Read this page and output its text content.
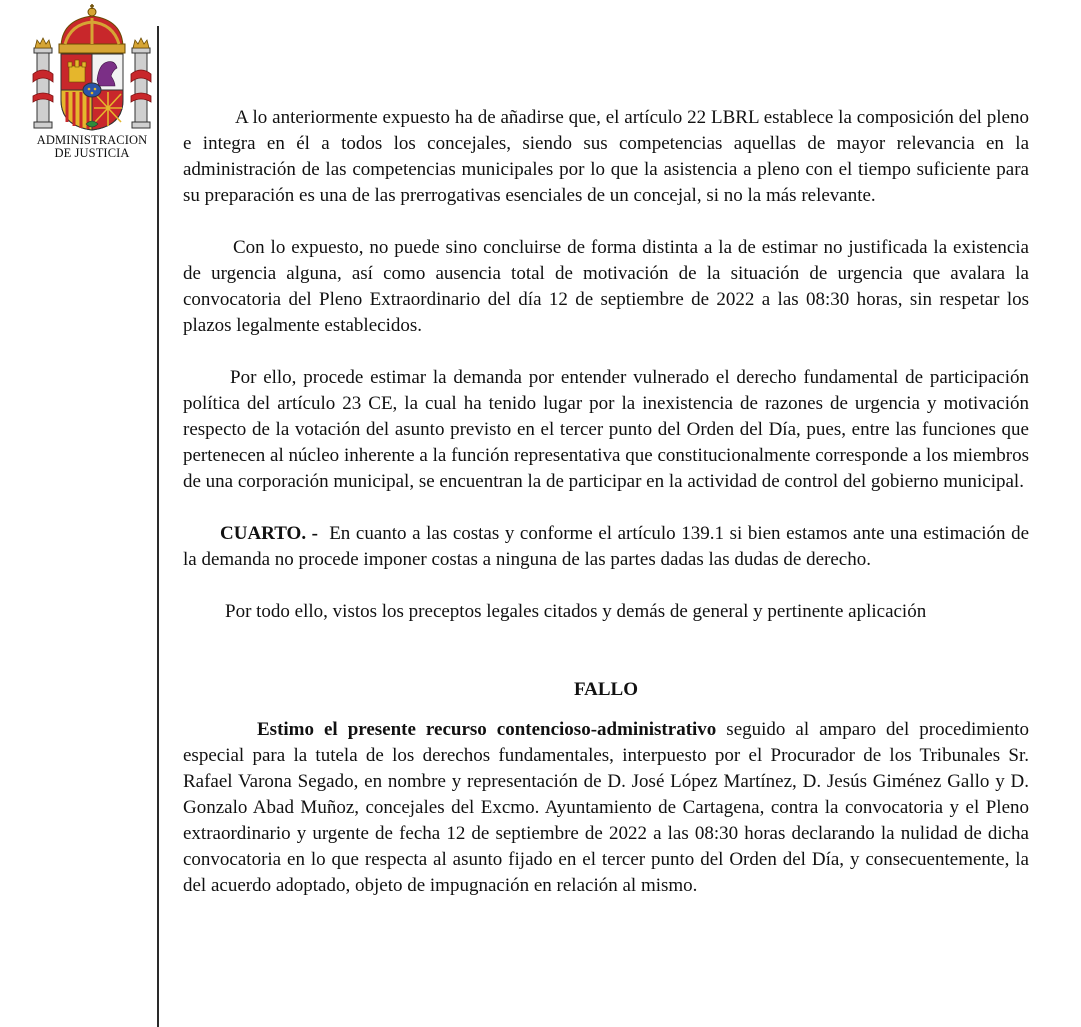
ADMINISTRACION
DE JUSTICIA

A lo anteriormente expuesto ha de añadirse que, el artículo 22 LBRL establece la composición del pleno e integra en él a todos los concejales, siendo sus competencias aquellas de mayor relevancia en la administración de las competencias municipales por lo que la asistencia a pleno con el tiempo suficiente para su preparación es una de las prerrogativas esenciales de un concejal, si no la más relevante.

Con lo expuesto, no puede sino concluirse de forma distinta a la de estimar no justificada la existencia de urgencia alguna, así como ausencia total de motivación de la situación de urgencia que avalara la convocatoria del Pleno Extraordinario del día 12 de septiembre de 2022 a las 08:30 horas, sin respetar los plazos legalmente establecidos.

Por ello, procede estimar la demanda por entender vulnerado el derecho fundamental de participación política del artículo 23 CE, la cual ha tenido lugar por la inexistencia de razones de urgencia y motivación respecto de la votación del asunto previsto en el tercer punto del Orden del Día, pues, entre las funciones que pertenecen al núcleo inherente a la función representativa que constitucionalmente corresponde a los miembros de una corporación municipal, se encuentran la de participar en la actividad de control del gobierno municipal.

CUARTO. - En cuanto a las costas y conforme el artículo 139.1 si bien estamos ante una estimación de la demanda no procede imponer costas a ninguna de las partes dadas las dudas de derecho.

Por todo ello, vistos los preceptos legales citados y demás de general y pertinente aplicación

FALLO

Estimo el presente recurso contencioso-administrativo seguido al amparo del procedimiento especial para la tutela de los derechos fundamentales, interpuesto por el Procurador de los Tribunales Sr. Rafael Varona Segado, en nombre y representación de D. José López Martínez, D. Jesús Giménez Gallo y D. Gonzalo Abad Muñoz, concejales del Excmo. Ayuntamiento de Cartagena, contra la convocatoria y el Pleno extraordinario y urgente de fecha 12 de septiembre de 2022 a las 08:30 horas declarando la nulidad de dicha convocatoria en lo que respecta al asunto fijado en el tercer punto del Orden del Día, y consecuentemente, la del acuerdo adoptado, objeto de impugnación en relación al mismo.
